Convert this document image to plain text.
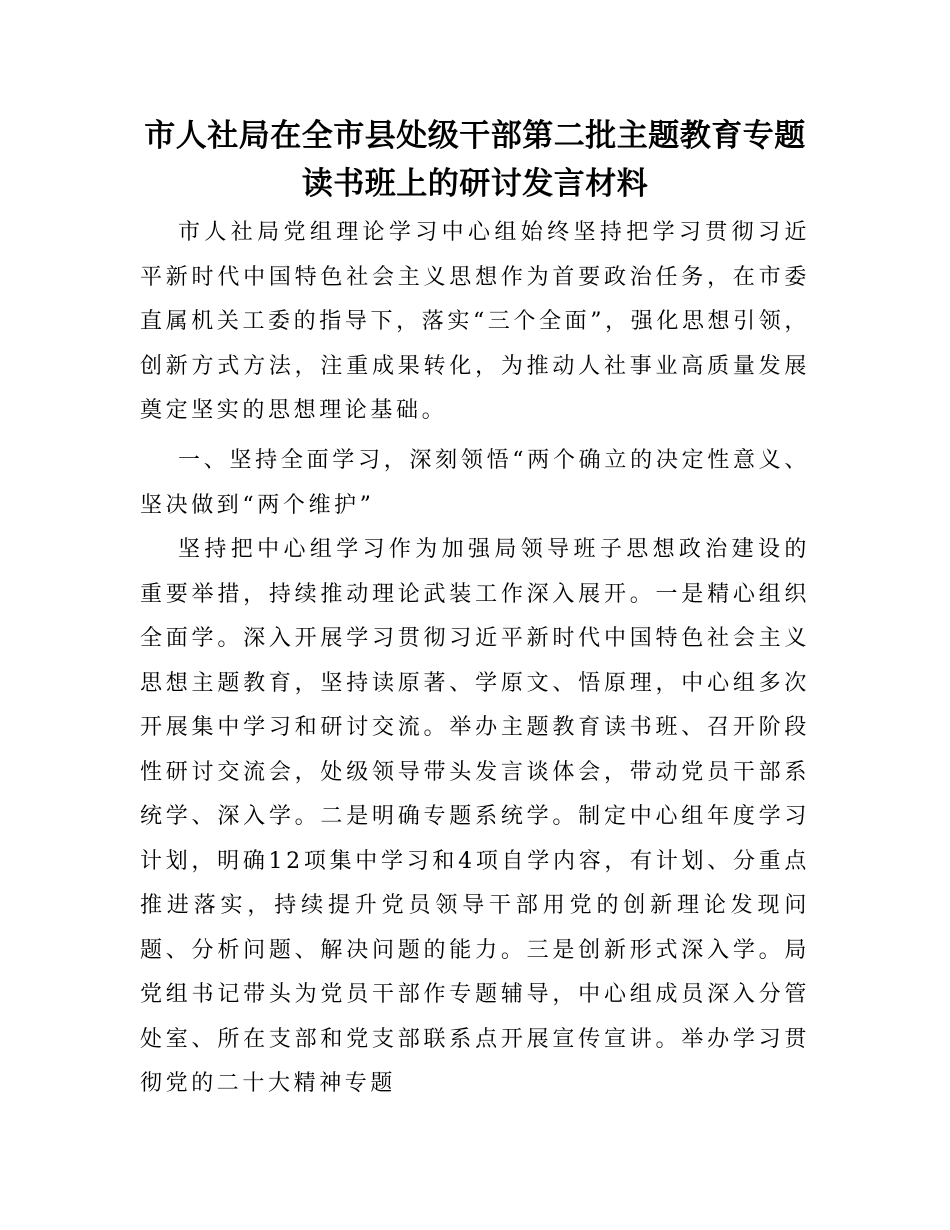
市人社局在全市县处级干部第二批主题教育专题读书班上的研讨发言材料

市人社局党组理论学习中心组始终坚持把学习贯彻习近平新时代中国特色社会主义思想作为首要政治任务，在市委直属机关工委的指导下，落实“三个全面”，强化思想引领，创新方式方法，注重成果转化，为推动人社事业高质量发展奠定坚实的思想理论基础。

一、坚持全面学习，深刻领悟“两个确立的决定性意义、坚决做到“两个维护”

坚持把中心组学习作为加强局领导班子思想政治建设的重要举措，持续推动理论武装工作深入展开。一是精心组织全面学。深入开展学习贯彻习近平新时代中国特色社会主义思想主题教育，坚持读原著、学原文、悟原理，中心组多次开展集中学习和研讨交流。举办主题教育读书班、召开阶段性研讨交流会，处级领导带头发言谈体会，带动党员干部系统学、深入学。二是明确专题系统学。制定中心组年度学习计划，明确12项集中学习和4项自学内容，有计划、分重点推进落实，持续提升党员领导干部用党的创新理论发现问题、分析问题、解决问题的能力。三是创新形式深入学。局党组书记带头为党员干部作专题辅导，中心组成员深入分管处室、所在支部和党支部联系点开展宣传宣讲。举办学习贯彻党的二十大精神专题
